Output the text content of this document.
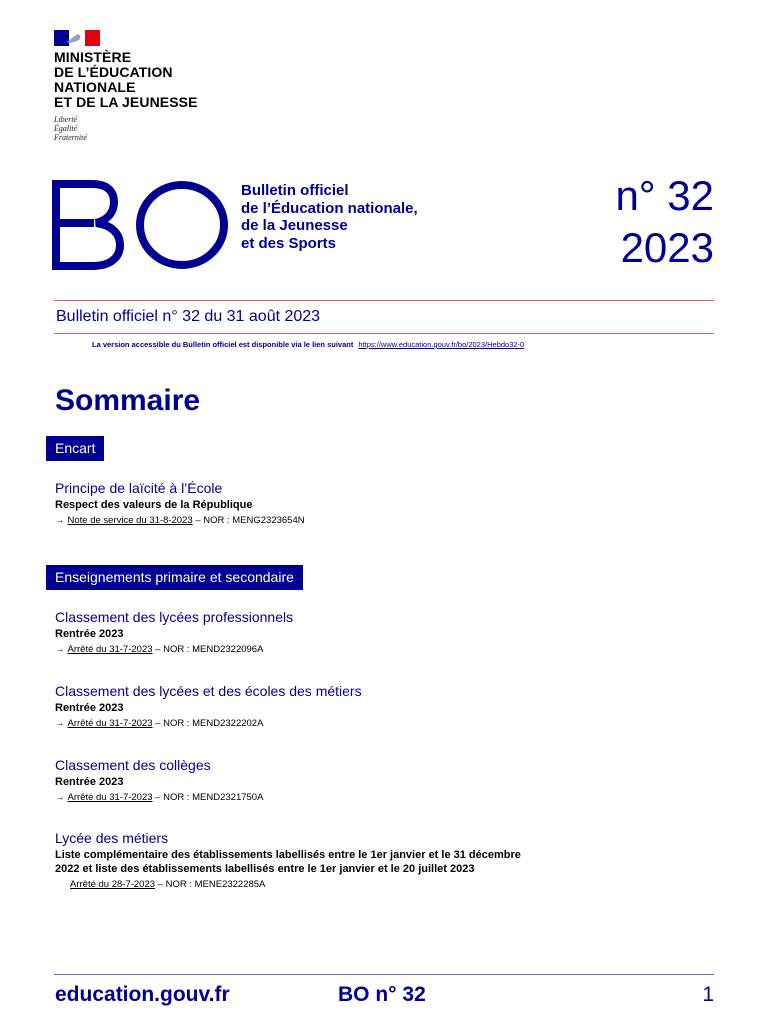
MINISTÈRE
DE L’ÉDUCATION
NATIONALE
ET DE LA JEUNESSE
Liberté
Égalité
Fraternité
BO
Bulletin officiel
de l’Éducation nationale,
de la Jeunesse
et des Sports
n° 32
2023
Bulletin officiel n° 32 du 31 août 2023
La version accessible du Bulletin officiel est disponible via le lien suivant https://www.education.gouv.fr/bo/2023/Hebdo32-0
Sommaire
Encart
Principe de laïcité à l’École
Respect des valeurs de la République
→ Note de service du 31-8-2023 – NOR : MENG2323654N
Enseignements primaire et secondaire
Classement des lycées professionnels
Rentrée 2023
→ Arrêté du 31-7-2023 – NOR : MEND2322096A
Classement des lycées et des écoles des métiers
Rentrée 2023
→ Arrêté du 31-7-2023 – NOR : MEND2322202A
Classement des collèges
Rentrée 2023
→ Arrêté du 31-7-2023 – NOR : MEND2321750A
Lycée des métiers
Liste complémentaire des établissements labellisés entre le 1er janvier et le 31 décembre 2022 et liste des établissements labellisés entre le 1er janvier et le 20 juillet 2023
Arrêté du 28-7-2023 – NOR : MENE2322285A
education.gouv.fr	BO n° 32	1
